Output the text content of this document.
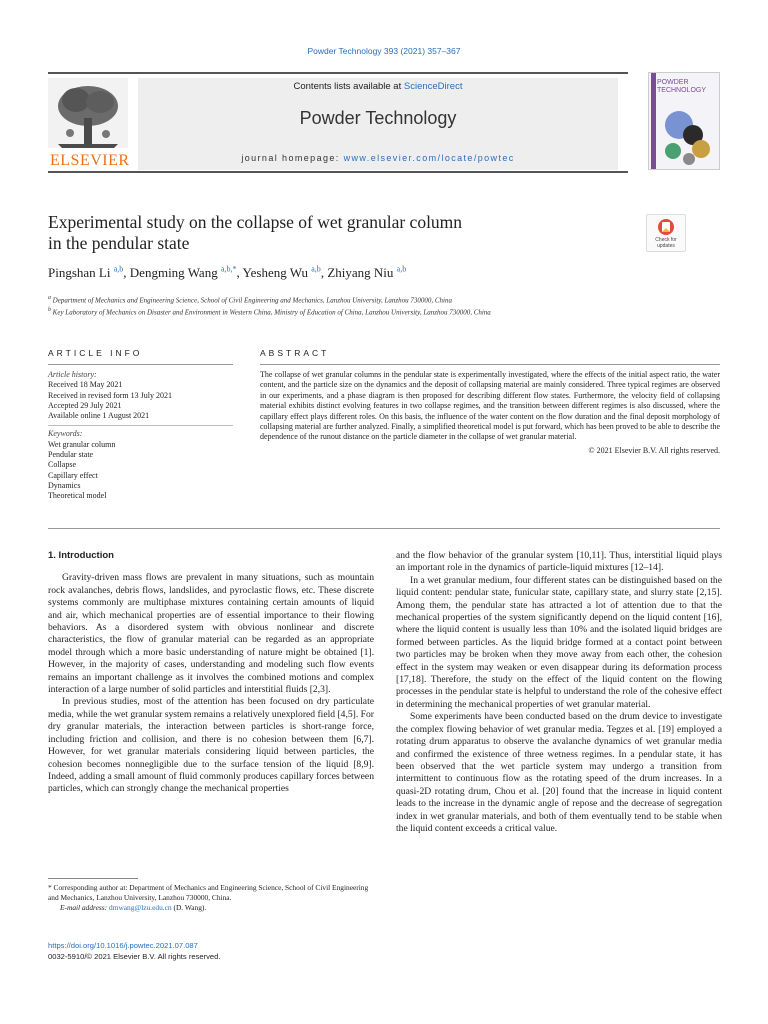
Powder Technology 393 (2021) 357–367
ELSEVIER
Contents lists available at ScienceDirect
Powder Technology
journal homepage: www.elsevier.com/locate/powtec
POWDER
TECHNOLOGY
Experimental study on the collapse of wet granular column
in the pendular state	Check for updates
Pingshan Li $^{a,b}$, Dengming Wang $^{a,b,*}$, Yesheng Wu $^{a,b}$, Zhiyang Niu $^{a,b}$
$^a$ Department of Mechanics and Engineering Science, School of Civil Engineering and Mechanics, Lanzhou University, Lanzhou 730000, China
$^b$ Key Laboratory of Mechanics on Disaster and Environment in Western China, Ministry of Education of China, Lanzhou University, Lanzhou 730000, China
ARTICLE INFO	ABSTRACT
Article history:
Received 18 May 2021
Received in revised form 13 July 2021
Accepted 29 July 2021
Available online 1 August 2021
Keywords:
Wet granular column
Pendular state
Collapse
Capillary effect
Dynamics
Theoretical model
The collapse of wet granular columns in the pendular state is experimentally investigated, where the effects of the initial aspect ratio, the water content, and the particle size on the dynamics and the deposit of collapsing material are mainly considered. Three typical regimes are observed in our experiments, and a phase diagram is then proposed for describing different flow states. Furthermore, the velocity field of collapsing material exhibits distinct evolving features in two collapse regimes, and the transition between different regimes is also discussed, where the capillary effect plays different roles. On this basis, the influence of the water content on the flow duration and the final deposit morphology of collapsing material are further analyzed. Finally, a simplified theoretical model is put forward, which has been proved to be able to describe the dependence of the runout distance on the particle diameter in the collapse of wet granular material.
© 2021 Elsevier B.V. All rights reserved.
1. Introduction

Gravity-driven mass flows are prevalent in many situations, such as mountain rock avalanches, debris flows, landslides, and pyroclastic flows, etc. These discrete systems commonly are multiphase mixtures containing certain amounts of liquid and air, which mechanical properties are of essential importance to their flowing behaviors. As a disordered system with obvious nonlinear and discrete characteristics, the flow of granular material can be regarded as an appropriate model through which a more basic understanding of nature might be obtained [1]. However, in the majority of cases, understanding and modeling such flow events remains an important challenge as it involves the combined motions and complex interaction of a large number of solid particles and interstitial fluids [2,3].

In previous studies, most of the attention has been focused on dry particulate media, while the wet granular system remains a relatively unexplored field [4,5]. For dry granular materials, the interaction between particles is short-range force, including friction and collision, and there is no cohesion between them [6,7]. However, for wet granular materials considering liquid between particles, the cohesion becomes nonnegligible due to the surface tension of the liquid [8,9]. Indeed, adding a small amount of fluid commonly produces capillary forces between particles, which can strongly change the mechanical properties

and the flow behavior of the granular system [10,11]. Thus, interstitial liquid plays an important role in the dynamics of particle-liquid mixtures [12–14].

In a wet granular medium, four different states can be distinguished based on the liquid content: pendular state, funicular state, capillary state, and slurry state [2,15]. Among them, the pendular state has attracted a lot of attention due to that the mechanical properties of the system significantly depend on the liquid content [16], where the liquid content is usually less than 10% and the isolated liquid bridges are formed between particles. As the liquid bridge formed at a contact point between two particles may be broken when they move away from each other, the cohesion effect in the system may weaken or even disappear during its deformation process [17,18]. Therefore, the study on the effect of the liquid content on the flowing processes in the pendular state is helpful to understand the role of the cohesive effect in determining the mechanical properties of wet granular material.

Some experiments have been conducted based on the drum device to investigate the complex flowing behavior of wet granular media. Tegzes et al. [19] employed a rotating drum apparatus to observe the avalanche dynamics of wet granular media and confirmed the existence of three wetness regimes. In a pendular state, it has been observed that the wet particle system may undergo a transition from intermittent to continuous flow as the rotating speed of the drum increases. In a quasi-2D rotating drum, Chou et al. [20] found that the increase in liquid content leads to the increase in the dynamic angle of repose and the decrease of segregation index in wet granular materials, and both of them eventually tend to be stable when the liquid content exceeds a critical value.

* Corresponding author at: Department of Mechanics and Engineering Science, School of Civil Engineering and Mechanics, Lanzhou University, Lanzhou 730000, China.
E-mail address: dmwang@lzu.edu.cn (D. Wang).
https://doi.org/10.1016/j.powtec.2021.07.087
0032-5910/© 2021 Elsevier B.V. All rights reserved.
